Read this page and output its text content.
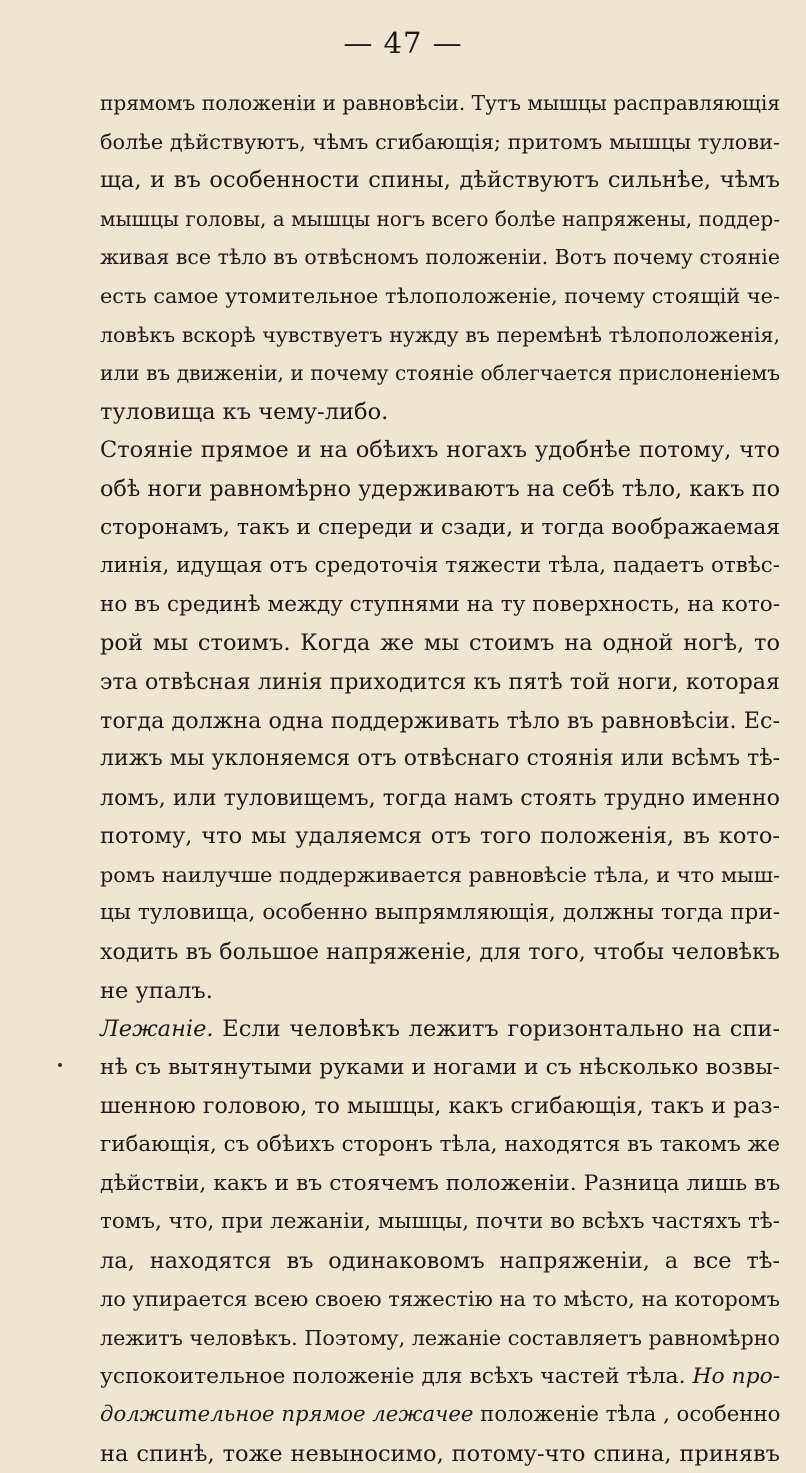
— 47 —
прямомъ положеніи и равновѣсіи. Тутъ мышцы расправляющія
болѣе дѣйствуютъ, чѣмъ сгибающія; притомъ мышцы тулови-
ща, и въ особенности спины, дѣйствуютъ сильнѣе, чѣмъ
мышцы головы, а мышцы ногъ всего болѣе напряжены, поддер-
живая все тѣло въ отвѣсномъ положеніи. Вотъ почему стояніе
есть самое утомительное тѣлоположеніе, почему стоящій че-
ловѣкъ вскорѣ чувствуетъ нужду въ перемѣнѣ тѣлоположенія,
или въ движеніи, и почему стояніе облегчается прислоненіемъ
туловища къ чему-либо.
Стояніе прямое и на обѣихъ ногахъ удобнѣе потому, что
обѣ ноги равномѣрно удерживаютъ на себѣ тѣло, какъ по
сторонамъ, такъ и спереди и сзади, и тогда воображаемая
линія, идущая отъ средоточія тяжести тѣла, падаетъ отвѣс-
но въ срединѣ между ступнями на ту поверхность, на кото-
рой мы стоимъ. Когда же мы стоимъ на одной ногѣ, то
эта отвѣсная линія приходится къ пятѣ той ноги, которая
тогда должна одна поддерживать тѣло въ равновѣсіи. Ес-
лижъ мы уклоняемся отъ отвѣснаго стоянія или всѣмъ тѣ-
ломъ, или туловищемъ, тогда намъ стоять трудно именно
потому, что мы удаляемся отъ того положенія, въ кото-
ромъ наилучше поддерживается равновѣсіе тѣла, и что мыш-
цы туловища, особенно выпрямляющія, должны тогда при-
ходить въ большое напряженіе, для того, чтобы человѣкъ
не упалъ.
Лежаніе. Если человѣкъ лежитъ горизонтально на спи-
нѣ съ вытянутыми руками и ногами и съ нѣсколько возвы-
шенною головою, то мышцы, какъ сгибающія, такъ и раз-
гибающія, съ обѣихъ сторонъ тѣла, находятся въ такомъ же
дѣйствіи, какъ и въ стоячемъ положеніи. Разница лишь въ
томъ, что, при лежаніи, мышцы, почти во всѣхъ частяхъ тѣ-
ла, находятся въ одинаковомъ напряженіи, а все тѣ-
ло упирается всею своею тяжестію на то мѣсто, на которомъ
лежитъ человѣкъ. Поэтому, лежаніе составляетъ равномѣрно
успокоительное положеніе для всѣхъ частей тѣла. Но про-
должительное прямое лежачее положеніе тѣла , особенно
на спинѣ, тоже невыносимо, потому-что спина, принявъ
